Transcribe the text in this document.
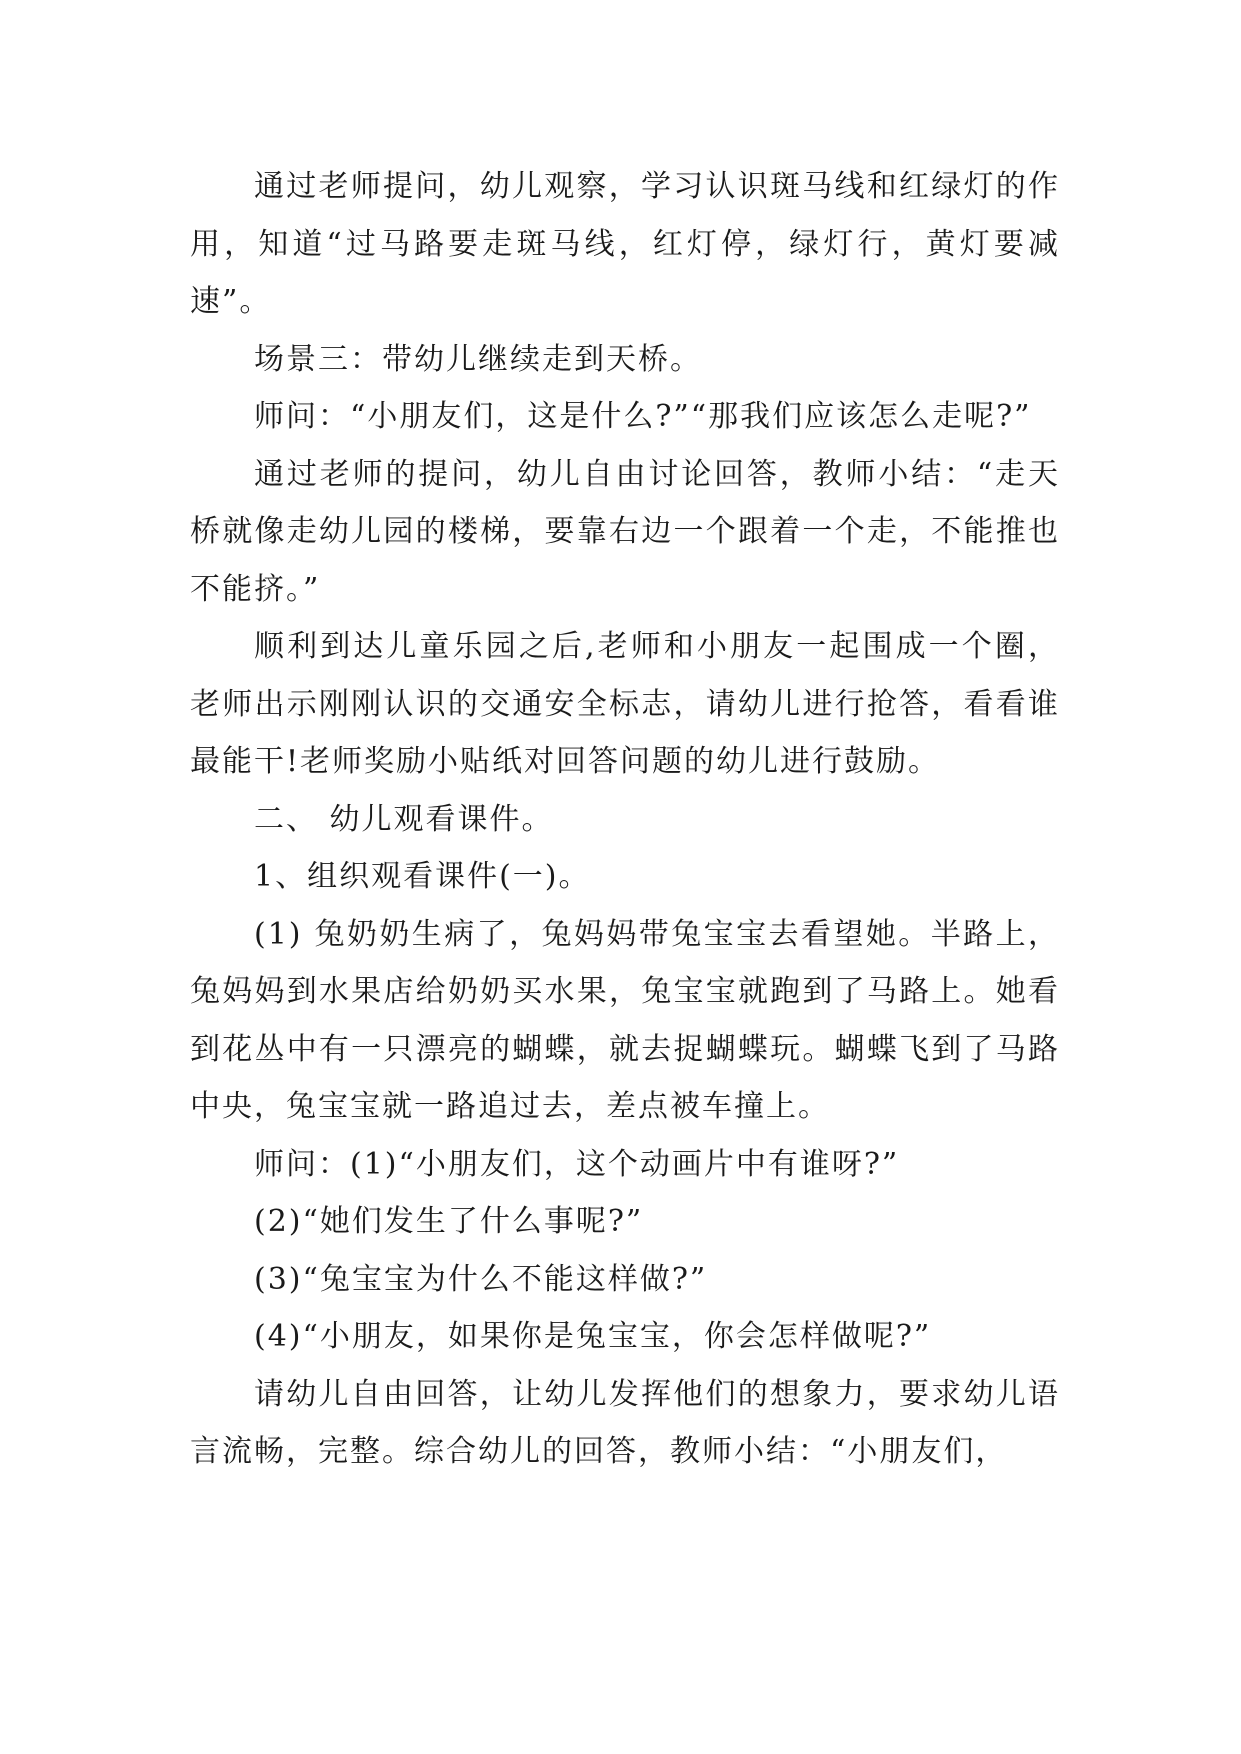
通过老师提问，幼儿观察，学习认识斑马线和红绿灯的作用，知道“过马路要走斑马线，红灯停，绿灯行，黄灯要减速”。

场景三：带幼儿继续走到天桥。

师问：“小朋友们，这是什么?”“那我们应该怎么走呢?”

通过老师的提问，幼儿自由讨论回答，教师小结：“走天桥就像走幼儿园的楼梯，要靠右边一个跟着一个走，不能推也不能挤。”

顺利到达儿童乐园之后,老师和小朋友一起围成一个圈，老师出示刚刚认识的交通安全标志，请幼儿进行抢答，看看谁最能干!老师奖励小贴纸对回答问题的幼儿进行鼓励。

二、 幼儿观看课件。

1、组织观看课件(一)。

(1) 兔奶奶生病了，兔妈妈带兔宝宝去看望她。半路上，兔妈妈到水果店给奶奶买水果，兔宝宝就跑到了马路上。她看到花丛中有一只漂亮的蝴蝶，就去捉蝴蝶玩。蝴蝶飞到了马路中央，兔宝宝就一路追过去，差点被车撞上。

师问：(1)“小朋友们，这个动画片中有谁呀?”

(2)“她们发生了什么事呢?”

(3)“兔宝宝为什么不能这样做?”

(4)“小朋友，如果你是兔宝宝，你会怎样做呢?”

请幼儿自由回答，让幼儿发挥他们的想象力，要求幼儿语言流畅，完整。综合幼儿的回答，教师小结：“小朋友们，
